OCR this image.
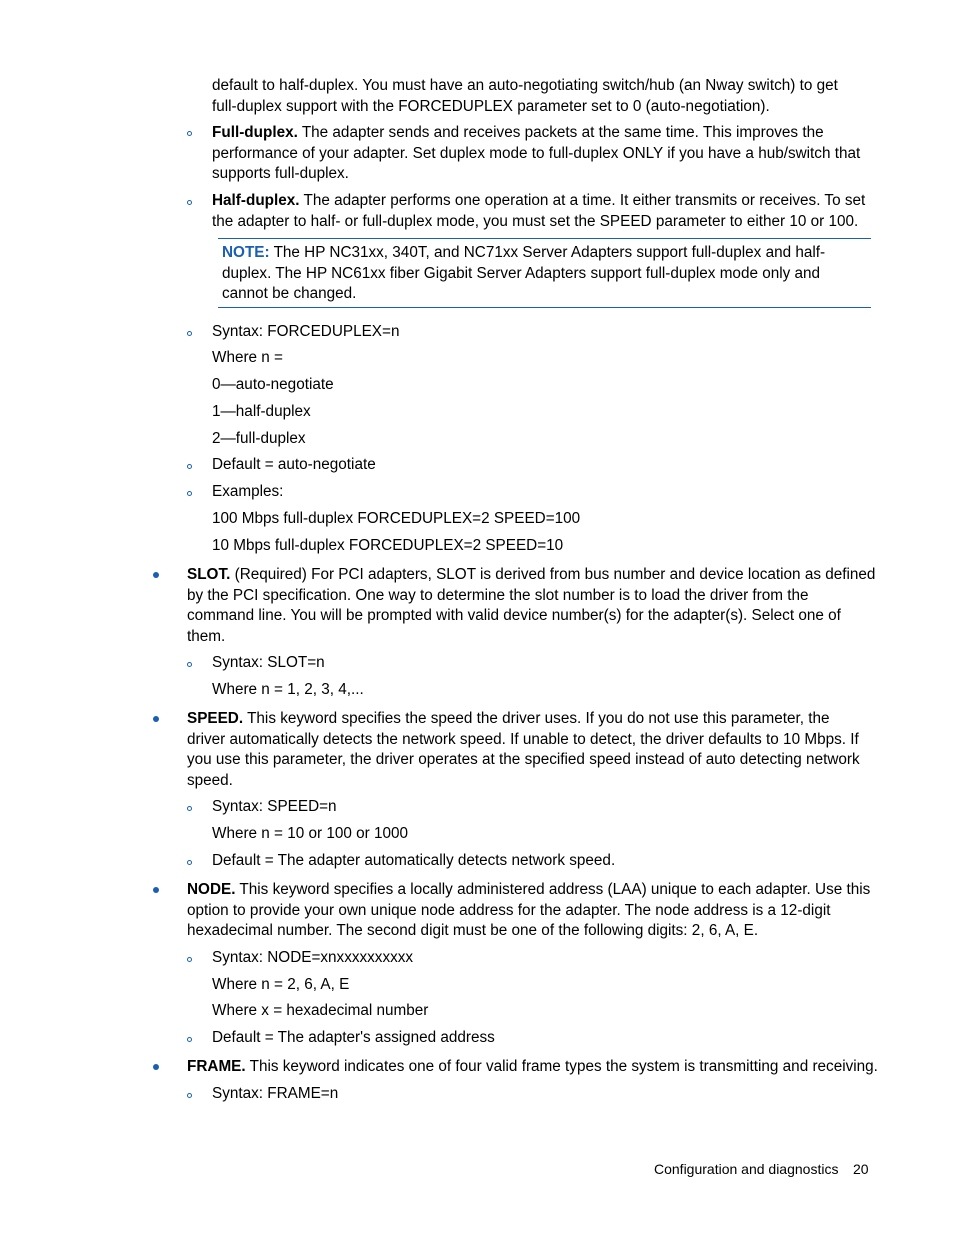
default to half-duplex. You must have an auto-negotiating switch/hub (an Nway switch) to get full-duplex support with the FORCEDUPLEX parameter set to 0 (auto-negotiation).
Full-duplex. The adapter sends and receives packets at the same time. This improves the performance of your adapter. Set duplex mode to full-duplex ONLY if you have a hub/switch that supports full-duplex.
Half-duplex. The adapter performs one operation at a time. It either transmits or receives. To set the adapter to half- or full-duplex mode, you must set the SPEED parameter to either 10 or 100.
NOTE: The HP NC31xx, 340T, and NC71xx Server Adapters support full-duplex and half-duplex. The HP NC61xx fiber Gigabit Server Adapters support full-duplex mode only and cannot be changed.
Syntax: FORCEDUPLEX=n
Where n =
0—auto-negotiate
1—half-duplex
2—full-duplex
Default = auto-negotiate
Examples:
100 Mbps full-duplex FORCEDUPLEX=2 SPEED=100
10 Mbps full-duplex FORCEDUPLEX=2 SPEED=10
SLOT. (Required) For PCI adapters, SLOT is derived from bus number and device location as defined by the PCI specification. One way to determine the slot number is to load the driver from the command line. You will be prompted with valid device number(s) for the adapter(s). Select one of them.
Syntax: SLOT=n
Where n = 1, 2, 3, 4,...
SPEED. This keyword specifies the speed the driver uses. If you do not use this parameter, the driver automatically detects the network speed. If unable to detect, the driver defaults to 10 Mbps. If you use this parameter, the driver operates at the specified speed instead of auto detecting network speed.
Syntax: SPEED=n
Where n = 10 or 100 or 1000
Default = The adapter automatically detects network speed.
NODE. This keyword specifies a locally administered address (LAA) unique to each adapter. Use this option to provide your own unique node address for the adapter. The node address is a 12-digit hexadecimal number. The second digit must be one of the following digits: 2, 6, A, E.
Syntax: NODE=xnxxxxxxxxxx
Where n = 2, 6, A, E
Where x = hexadecimal number
Default = The adapter's assigned address
FRAME. This keyword indicates one of four valid frame types the system is transmitting and receiving.
Syntax: FRAME=n
Configuration and diagnostics 20
